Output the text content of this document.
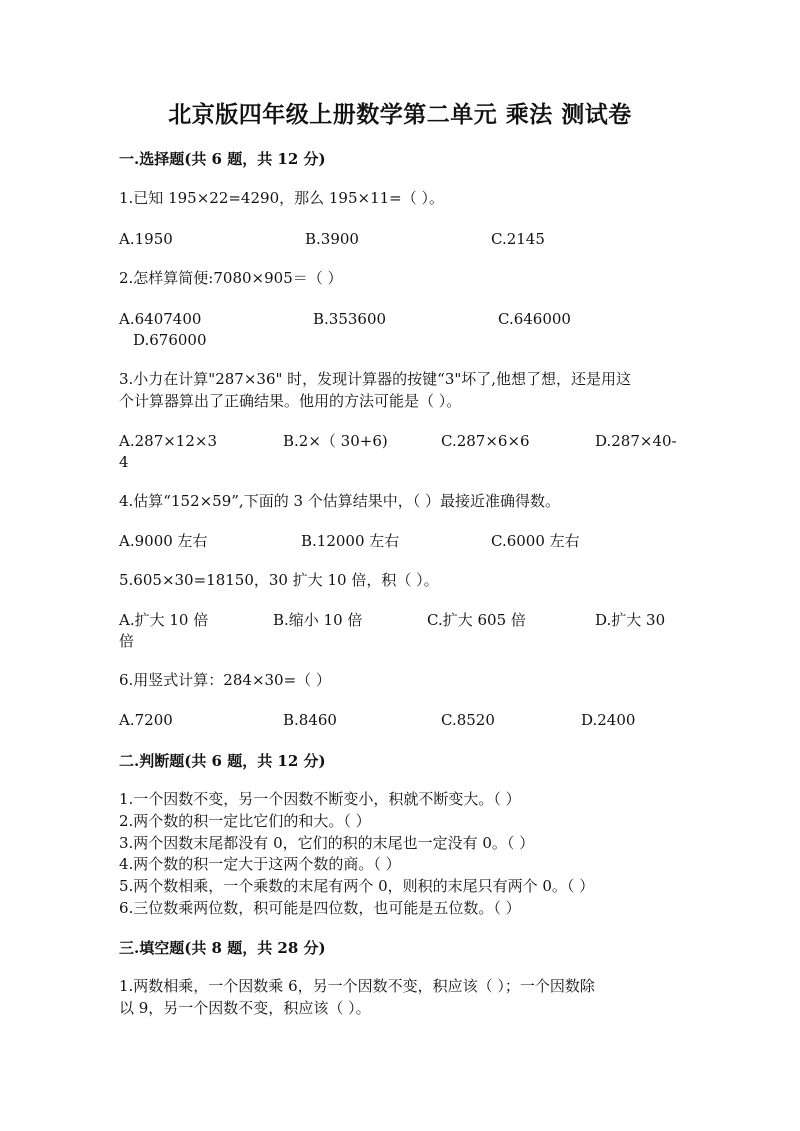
北京版四年级上册数学第二单元 乘法 测试卷
一.选择题(共 6 题，共 12 分)
1.已知 195×22=4290，那么 195×11=（ ）。
A.1950	B.3900	C.2145
2.怎样算简便:7080×905＝（ ）
A.6407400	B.353600	C.646000
D.676000
3.小力在计算"287×36" 时，发现计算器的按键“3"坏了,他想了想，还是用这
个计算器算出了正确结果。他用的方法可能是（ ）。
A.287×12×3	B.2×（ 30+6)	C.287×6×6	D.287×40-
4
4.估算“152×59”,下面的 3 个估算结果中，（ ）最接近准确得数。
A.9000 左右	B.12000 左右	C.6000 左右
5.605×30=18150，30 扩大 10 倍，积（ ）。
A.扩大 10 倍	B.缩小 10 倍	C.扩大 605 倍	D.扩大 30
倍
6.用竖式计算：284×30=（ ）
A.7200	B.8460	C.8520	D.2400
二.判断题(共 6 题，共 12 分)
1.一个因数不变，另一个因数不断变小，积就不断变大。（ ）
2.两个数的积一定比它们的和大。（ ）
3.两个因数末尾都没有 0，它们的积的末尾也一定没有 0。（ ）
4.两个数的积一定大于这两个数的商。（ ）
5.两个数相乘，一个乘数的末尾有两个 0，则积的末尾只有两个 0。（ ）
6.三位数乘两位数，积可能是四位数，也可能是五位数。（ ）
三.填空题(共 8 题，共 28 分)
1.两数相乘，一个因数乘 6，另一个因数不变，积应该（ ）；一个因数除
以 9，另一个因数不变，积应该（ ）。
